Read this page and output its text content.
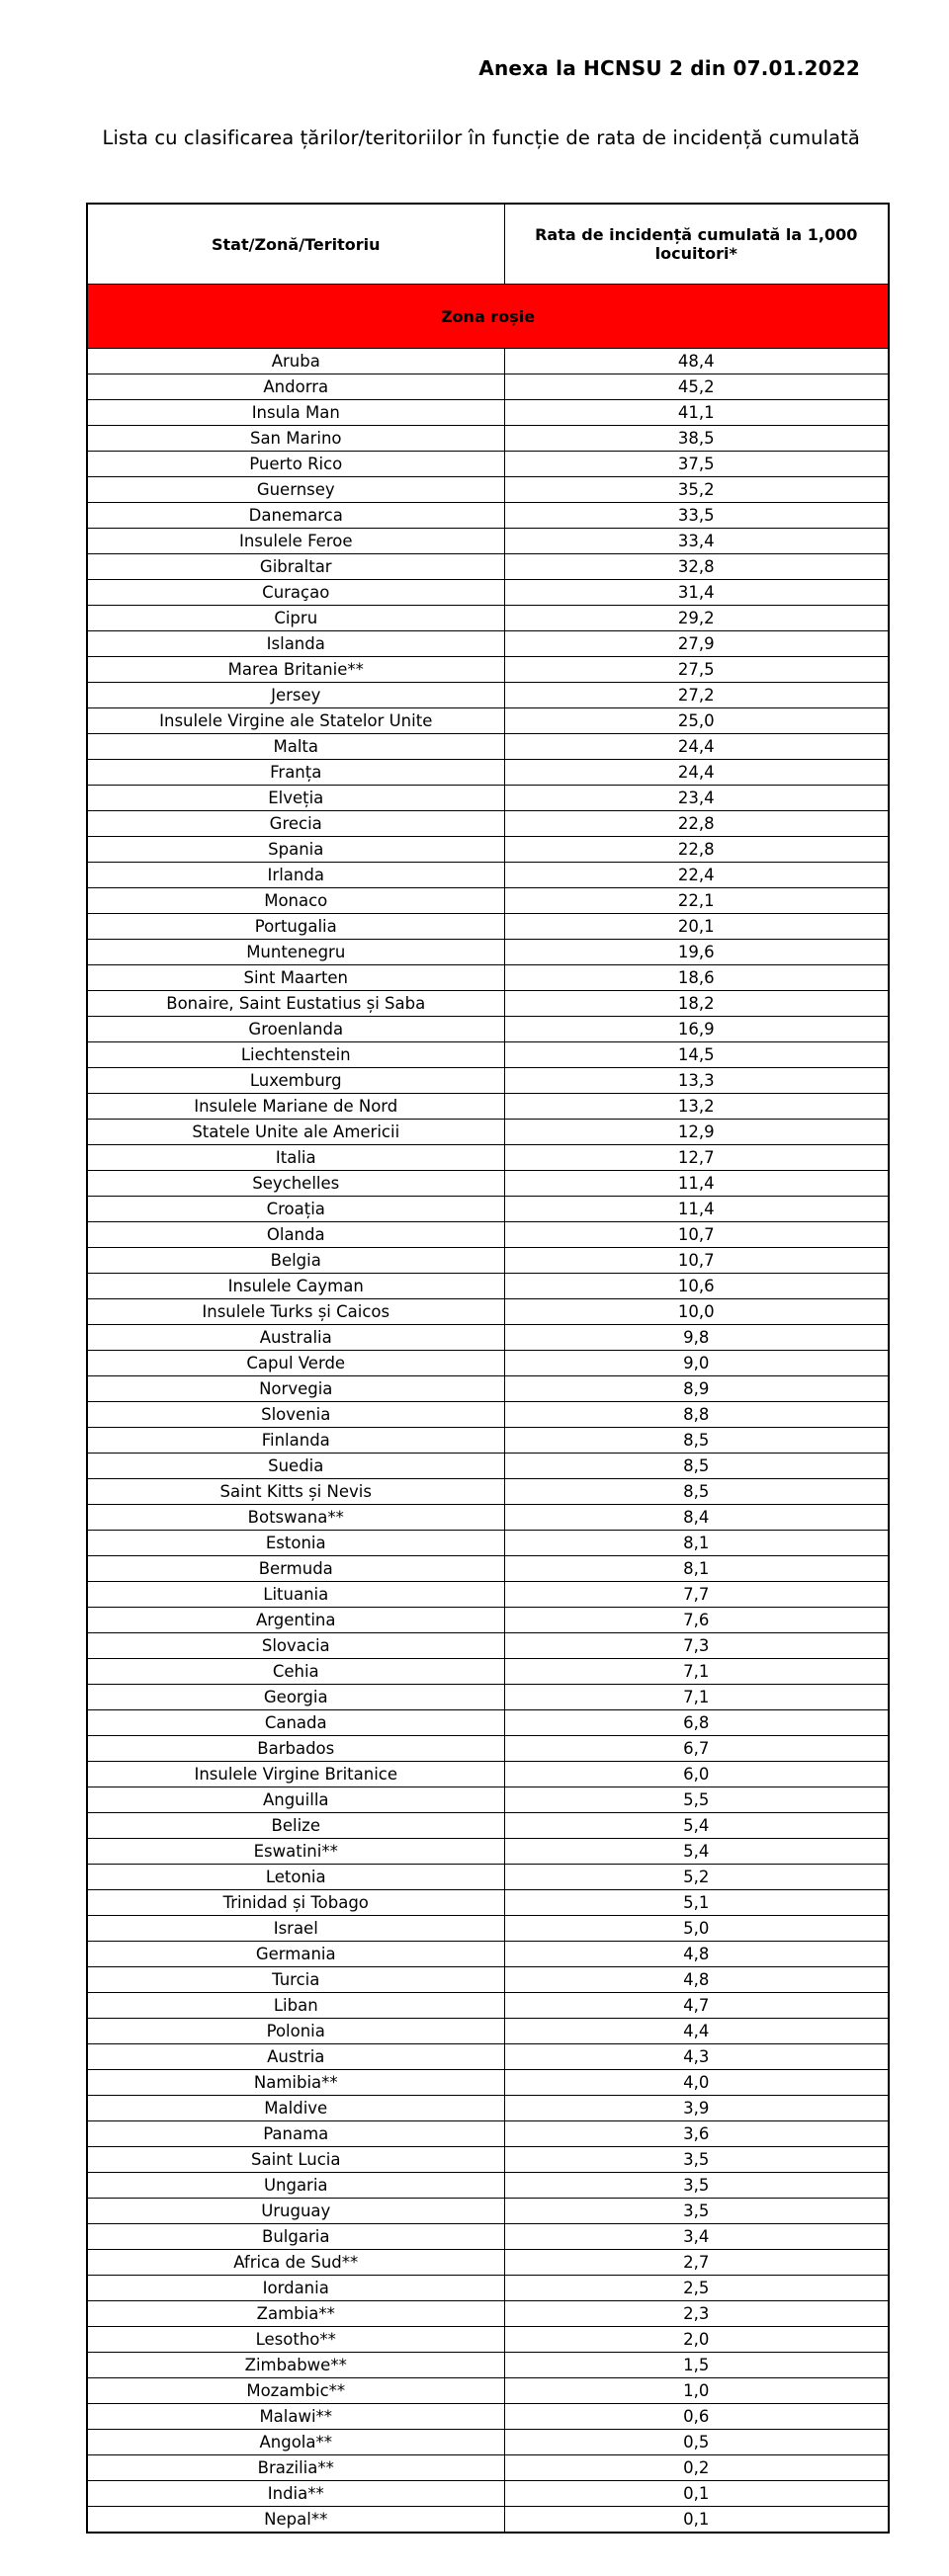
Anexa la HCNSU 2 din 07.01.2022
Lista cu clasificarea țărilor/teritoriilor în funcție de rata de incidență cumulată
Stat/Zonă/Teritoriu	Rata de incidență cumulată la 1,000 locuitori*
Zona roșie	
Aruba	48,4
Andorra	45,2
Insula Man	41,1
San Marino	38,5
Puerto Rico	37,5
Guernsey	35,2
Danemarca	33,5
Insulele Feroe	33,4
Gibraltar	32,8
Curaçao	31,4
Cipru	29,2
Islanda	27,9
Marea Britanie**	27,5
Jersey	27,2
Insulele Virgine ale Statelor Unite	25,0
Malta	24,4
Franța	24,4
Elveția	23,4
Grecia	22,8
Spania	22,8
Irlanda	22,4
Monaco	22,1
Portugalia	20,1
Muntenegru	19,6
Sint Maarten	18,6
Bonaire, Saint Eustatius și Saba	18,2
Groenlanda	16,9
Liechtenstein	14,5
Luxemburg	13,3
Insulele Mariane de Nord	13,2
Statele Unite ale Americii	12,9
Italia	12,7
Seychelles	11,4
Croația	11,4
Olanda	10,7
Belgia	10,7
Insulele Cayman	10,6
Insulele Turks și Caicos	10,0
Australia	9,8
Capul Verde	9,0
Norvegia	8,9
Slovenia	8,8
Finlanda	8,5
Suedia	8,5
Saint Kitts și Nevis	8,5
Botswana**	8,4
Estonia	8,1
Bermuda	8,1
Lituania	7,7
Argentina	7,6
Slovacia	7,3
Cehia	7,1
Georgia	7,1
Canada	6,8
Barbados	6,7
Insulele Virgine Britanice	6,0
Anguilla	5,5
Belize	5,4
Eswatini**	5,4
Letonia	5,2
Trinidad și Tobago	5,1
Israel	5,0
Germania	4,8
Turcia	4,8
Liban	4,7
Polonia	4,4
Austria	4,3
Namibia**	4,0
Maldive	3,9
Panama	3,6
Saint Lucia	3,5
Ungaria	3,5
Uruguay	3,5
Bulgaria	3,4
Africa de Sud**	2,7
Iordania	2,5
Zambia**	2,3
Lesotho**	2,0
Zimbabwe**	1,5
Mozambic**	1,0
Malawi**	0,6
Angola**	0,5
Brazilia**	0,2
India**	0,1
Nepal**	0,1
